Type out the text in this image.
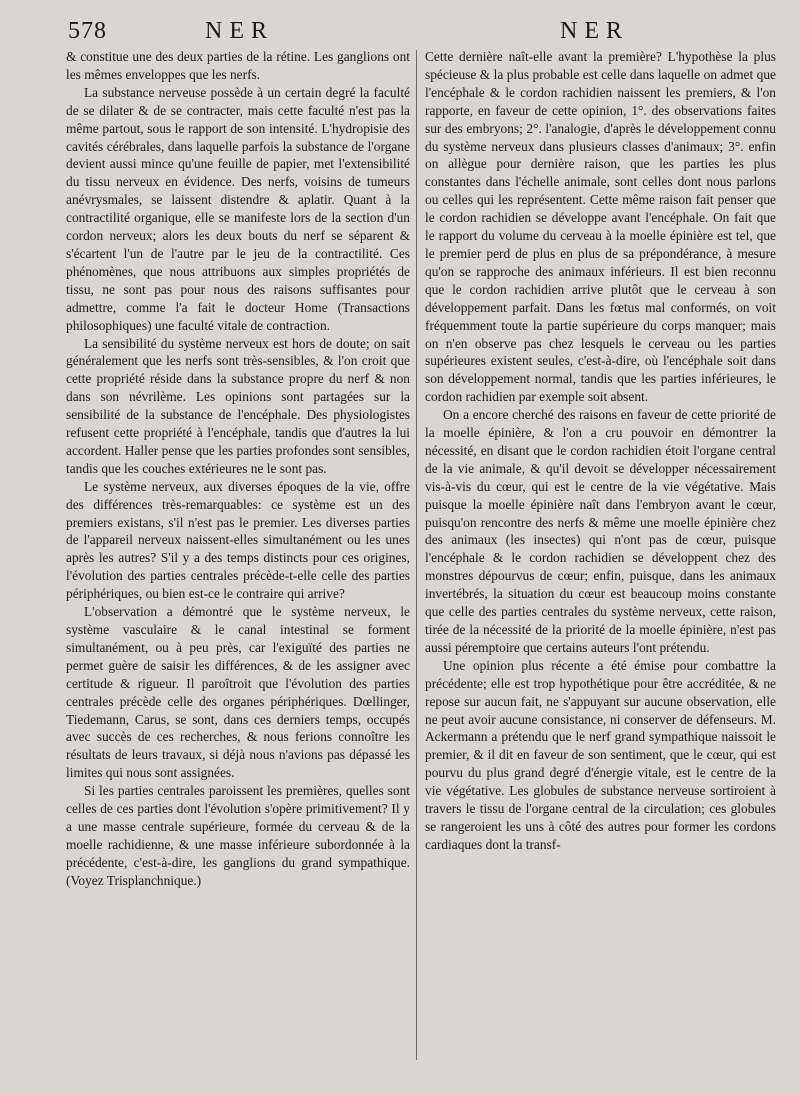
578	NER	NER

& constitue une des deux parties de la rétine. Les ganglions ont les mêmes enveloppes que les nerfs.

La substance nerveuse possède à un certain degré la faculté de se dilater & de se contracter, mais cette faculté n'est pas la même partout, sous le rapport de son intensité. L'hydropisie des cavités cérébrales, dans laquelle parfois la substance de l'organe devient aussi mince qu'une feuille de papier, met l'extensibilité du tissu nerveux en évidence. Des nerfs, voisins de tumeurs anévrysmales, se laissent distendre & aplatir. Quant à la contractilité organique, elle se manifeste lors de la section d'un cordon nerveux; alors les deux bouts du nerf se séparent & s'écartent l'un de l'autre par le jeu de la contractilité. Ces phénomènes, que nous attribuons aux simples propriétés de tissu, ne sont pas pour nous des raisons suffisantes pour admettre, comme l'a fait le docteur Home (Transactions philosophiques) une faculté vitale de contraction.

La sensibilité du système nerveux est hors de doute; on sait généralement que les nerfs sont très-sensibles, & l'on croit que cette propriété réside dans la substance propre du nerf & non dans son névrilème. Les opinions sont partagées sur la sensibilité de la substance de l'encéphale. Des physiologistes refusent cette propriété à l'encéphale, tandis que d'autres la lui accordent. Haller pense que les parties profondes sont sensibles, tandis que les couches extérieures ne le sont pas.

Le système nerveux, aux diverses époques de la vie, offre des différences très-remarquables: ce système est un des premiers existans, s'il n'est pas le premier. Les diverses parties de l'appareil nerveux naissent-elles simultanément ou les unes après les autres? S'il y a des temps distincts pour ces origines, l'évolution des parties centrales précède-t-elle celle des parties périphériques, ou bien est-ce le contraire qui arrive?

L'observation a démontré que le système nerveux, le système vasculaire & le canal intestinal se forment simultanément, ou à peu près, car l'exiguïté des parties ne permet guère de saisir les différences, & de les assigner avec certitude & rigueur. Il paroîtroit que l'évolution des parties centrales précède celle des organes périphériques. Dœllinger, Tiedemann, Carus, se sont, dans ces derniers temps, occupés avec succès de ces recherches, & nous ferions connoître les résultats de leurs travaux, si déjà nous n'avions pas dépassé les limites qui nous sont assignées.

Si les parties centrales paroissent les premières, quelles sont celles de ces parties dont l'évolution s'opère primitivement? Il y a une masse centrale supérieure, formée du cerveau & de la moelle rachidienne, & une masse inférieure subordonnée à la précédente, c'est-à-dire, les ganglions du grand sympathique. (Voyez Trisplanchnique.)

Cette dernière naît-elle avant la première? L'hypothèse la plus spécieuse & la plus probable est celle dans laquelle on admet que l'encéphale & le cordon rachidien naissent les premiers, & l'on rapporte, en faveur de cette opinion, 1°. des observations faites sur des embryons; 2°. l'analogie, d'après le développement connu du système nerveux dans plusieurs classes d'animaux; 3°. enfin on allègue pour dernière raison, que les parties les plus constantes dans l'échelle animale, sont celles dont nous parlons ou celles qui les représentent. Cette même raison fait penser que le cordon rachidien se développe avant l'encéphale. On fait que le rapport du volume du cerveau à la moelle épinière est tel, que le premier perd de plus en plus de sa prépondérance, à mesure qu'on se rapproche des animaux inférieurs. Il est bien reconnu que le cordon rachidien arrive plutôt que le cerveau à son développement parfait. Dans les fœtus mal conformés, on voit fréquemment toute la partie supérieure du corps manquer; mais on n'en observe pas chez lesquels le cerveau ou les parties supérieures existent seules, c'est-à-dire, où l'encéphale soit dans son développement normal, tandis que les parties inférieures, le cordon rachidien par exemple soit absent.

On a encore cherché des raisons en faveur de cette priorité de la moelle épinière, & l'on a cru pouvoir en démontrer la nécessité, en disant que le cordon rachidien étoit l'organe central de la vie animale, & qu'il devoit se développer nécessairement vis-à-vis du cœur, qui est le centre de la vie végétative. Mais puisque la moelle épinière naît dans l'embryon avant le cœur, puisqu'on rencontre des nerfs & même une moelle épinière chez des animaux (les insectes) qui n'ont pas de cœur, puisque l'encéphale & le cordon rachidien se développent chez des monstres dépourvus de cœur; enfin, puisque, dans les animaux invertébrés, la situation du cœur est beaucoup moins constante que celle des parties centrales du système nerveux, cette raison, tirée de la nécessité de la priorité de la moelle épinière, n'est pas aussi péremptoire que certains auteurs l'ont prétendu.

Une opinion plus récente a été émise pour combattre la précédente; elle est trop hypothétique pour être accréditée, & ne repose sur aucun fait, ne s'appuyant sur aucune observation, elle ne peut avoir aucune consistance, ni conserver de défenseurs. M. Ackermann a prétendu que le nerf grand sympathique naissoit le premier, & il dit en faveur de son sentiment, que le cœur, qui est pourvu du plus grand degré d'énergie vitale, est le centre de la vie végétative. Les globules de substance nerveuse sortiroient à travers le tissu de l'organe central de la circulation; ces globules se rangeroient les uns à côté des autres pour former les cordons cardiaques dont la transf-
